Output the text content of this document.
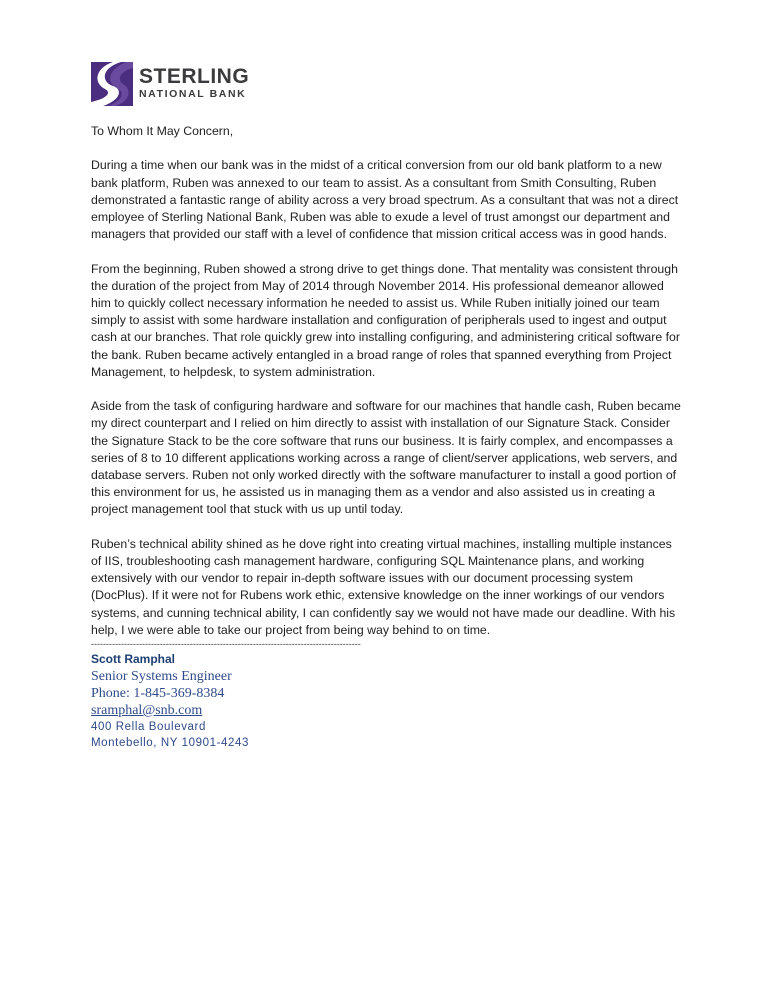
STERLING
NATIONAL BANK

To Whom It May Concern,

During a time when our bank was in the midst of a critical conversion from our old bank platform to a new bank platform, Ruben was annexed to our team to assist. As a consultant from Smith Consulting, Ruben demonstrated a fantastic range of ability across a very broad spectrum. As a consultant that was not a direct employee of Sterling National Bank, Ruben was able to exude a level of trust amongst our department and managers that provided our staff with a level of confidence that mission critical access was in good hands.

From the beginning, Ruben showed a strong drive to get things done. That mentality was consistent through the duration of the project from May of 2014 through November 2014. His professional demeanor allowed him to quickly collect necessary information he needed to assist us. While Ruben initially joined our team simply to assist with some hardware installation and configuration of peripherals used to ingest and output cash at our branches. That role quickly grew into installing configuring, and administering critical software for the bank. Ruben became actively entangled in a broad range of roles that spanned everything from Project Management, to helpdesk, to system administration.

Aside from the task of configuring hardware and software for our machines that handle cash, Ruben became my direct counterpart and I relied on him directly to assist with installation of our Signature Stack. Consider the Signature Stack to be the core software that runs our business. It is fairly complex, and encompasses a series of 8 to 10 different applications working across a range of client/server applications, web servers, and database servers. Ruben not only worked directly with the software manufacturer to install a good portion of this environment for us, he assisted us in managing them as a vendor and also assisted us in creating a project management tool that stuck with us up until today.

Ruben’s technical ability shined as he dove right into creating virtual machines, installing multiple instances of IIS, troubleshooting cash management hardware, configuring SQL Maintenance plans, and working extensively with our vendor to repair in-depth software issues with our document processing system (DocPlus). If it were not for Rubens work ethic, extensive knowledge on the inner workings of our vendors systems, and cunning technical ability, I can confidently say we would not have made our deadline. With his help, I we were able to take our project from being way behind to on time.

------------------------------------------------------------------------------------------
Scott Ramphal
Senior Systems Engineer
Phone: 1-845-369-8384
sramphal@snb.com
400 Rella Boulevard
Montebello, NY 10901-4243
